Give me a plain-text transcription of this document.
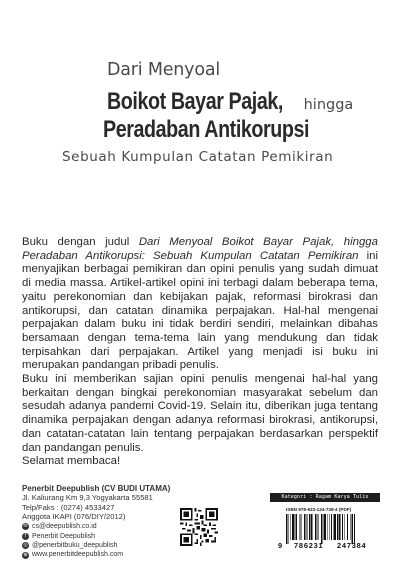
Dari Menyoal
Boikot Bayar Pajak, hingga
Peradaban Antikorupsi
Sebuah Kumpulan Catatan Pemikiran

Buku dengan judul Dari Menyoal Boikot Bayar Pajak, hingga Peradaban Antikorupsi: Sebuah Kumpulan Catatan Pemikiran ini menyajikan berbagai pemikiran dan opini penulis yang sudah dimuat di media massa. Artikel-artikel opini ini terbagi dalam beberapa tema, yaitu perekonomian dan kebijakan pajak, reformasi birokrasi dan antikorupsi, dan catatan dinamika perpajakan. Hal-hal mengenai perpajakan dalam buku ini tidak berdiri sendiri, melainkan dibahas bersamaan dengan tema-tema lain yang mendukung dan tidak terpisahkan dari perpajakan. Artikel yang menjadi isi buku ini merupakan pandangan pribadi penulis.

Buku ini memberikan sajian opini penulis mengenai hal-hal yang berkaitan dengan bingkai perekonomian masyarakat sebelum dan sesudah adanya pandemi Covid-19. Selain itu, diberikan juga tentang dinamika perpajakan dengan adanya reformasi birokrasi, antikorupsi, dan catatan-catatan lain tentang perpajakan berdasarkan perspektif dan pandangan penulis.

Selamat membaca!

Penerbit Deepublish (CV BUDI UTAMA)
Jl. Kaliurang Km 9,3 Yogyakarta 55581
Telp/Faks : (0274) 4533427
Anggota IKAPI (076/DIY/2012)
✉ cs@deepublish.co.id
f Penerbit Deepublish
◎ @penerbitbuku_deepublish
⊕ www.penerbitdeepublish.com
Kategori : Ragam Karya Tulis
ISBN 978-623-124-738-4 (PDF)
9 786231 247384
